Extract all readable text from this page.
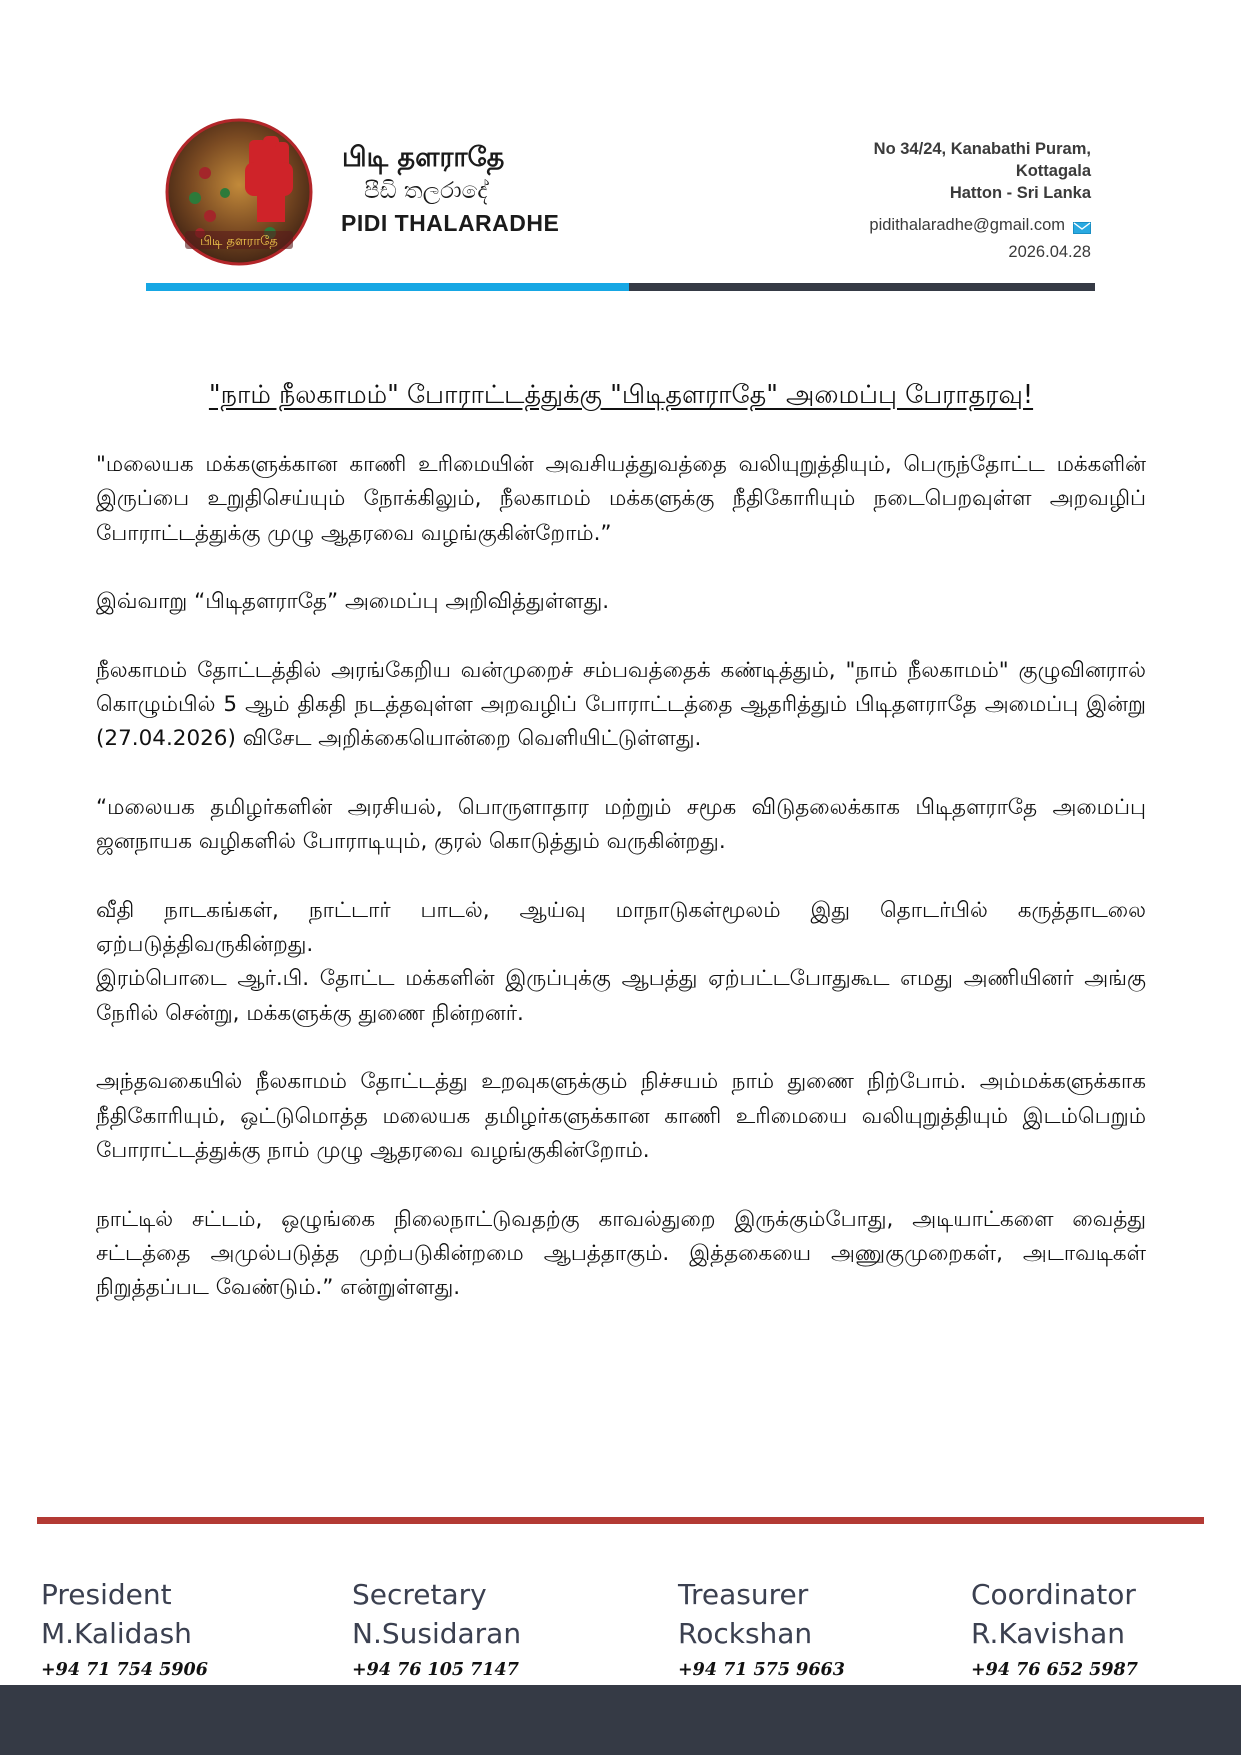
பிடி தளராதே
பிடி தளராதே
පීඩි තලරාදේ
PIDI THALARADHE
No 34/24, Kanabathi Puram,
Kottagala
Hatton - Sri Lanka
pidithalaradhe@gmail.com
2026.04.28
"நாம் நீலகாமம்" போராட்டத்துக்கு "பிடிதளராதே" அமைப்பு பேராதரவு!

"மலையக மக்களுக்கான காணி உரிமையின் அவசியத்துவத்தை வலியுறுத்தியும், பெருந்தோட்ட மக்களின் இருப்பை உறுதிசெய்யும் நோக்கிலும், நீலகாமம் மக்களுக்கு நீதிகோரியும் நடைபெறவுள்ள அறவழிப் போராட்டத்துக்கு முழு ஆதரவை வழங்குகின்றோம்.”

இவ்வாறு “பிடிதளராதே” அமைப்பு அறிவித்துள்ளது.

நீலகாமம் தோட்டத்தில் அரங்கேறிய வன்முறைச் சம்பவத்தைக் கண்டித்தும், "நாம் நீலகாமம்" குழுவினரால் கொழும்பில் 5 ஆம் திகதி நடத்தவுள்ள அறவழிப் போராட்டத்தை ஆதரித்தும் பிடிதளராதே அமைப்பு இன்று (27.04.2026) விசேட அறிக்கையொன்றை வெளியிட்டுள்ளது.

“மலையக தமிழர்களின் அரசியல், பொருளாதார மற்றும் சமூக விடுதலைக்காக பிடிதளராதே அமைப்பு ஜனநாயக வழிகளில் போராடியும், குரல் கொடுத்தும் வருகின்றது.

வீதி நாடகங்கள், நாட்டார் பாடல், ஆய்வு மாநாடுகள்மூலம் இது தொடர்பில் கருத்தாடலை ஏற்படுத்திவருகின்றது.

இரம்பொடை ஆர்.பி. தோட்ட மக்களின் இருப்புக்கு ஆபத்து ஏற்பட்டபோதுகூட எமது அணியினர் அங்கு நேரில் சென்று, மக்களுக்கு துணை நின்றனர்.

அந்தவகையில் நீலகாமம் தோட்டத்து உறவுகளுக்கும் நிச்சயம் நாம் துணை நிற்போம். அம்மக்களுக்காக நீதிகோரியும், ஒட்டுமொத்த மலையக தமிழர்களுக்கான காணி உரிமையை வலியுறுத்தியும் இடம்பெறும் போராட்டத்துக்கு நாம் முழு ஆதரவை வழங்குகின்றோம்.

நாட்டில் சட்டம், ஒழுங்கை நிலைநாட்டுவதற்கு காவல்துறை இருக்கும்போது, அடியாட்களை வைத்து சட்டத்தை அமுல்படுத்த முற்படுகின்றமை ஆபத்தாகும். இத்தகையை அணுகுமுறைகள், அடாவடிகள் நிறுத்தப்பட வேண்டும்.” என்றுள்ளது.

President
M.Kalidash
+94 71 754 5906
Secretary
N.Susidaran
+94 76 105 7147
Treasurer
Rockshan
+94 71 575 9663
Coordinator
R.Kavishan
+94 76 652 5987
